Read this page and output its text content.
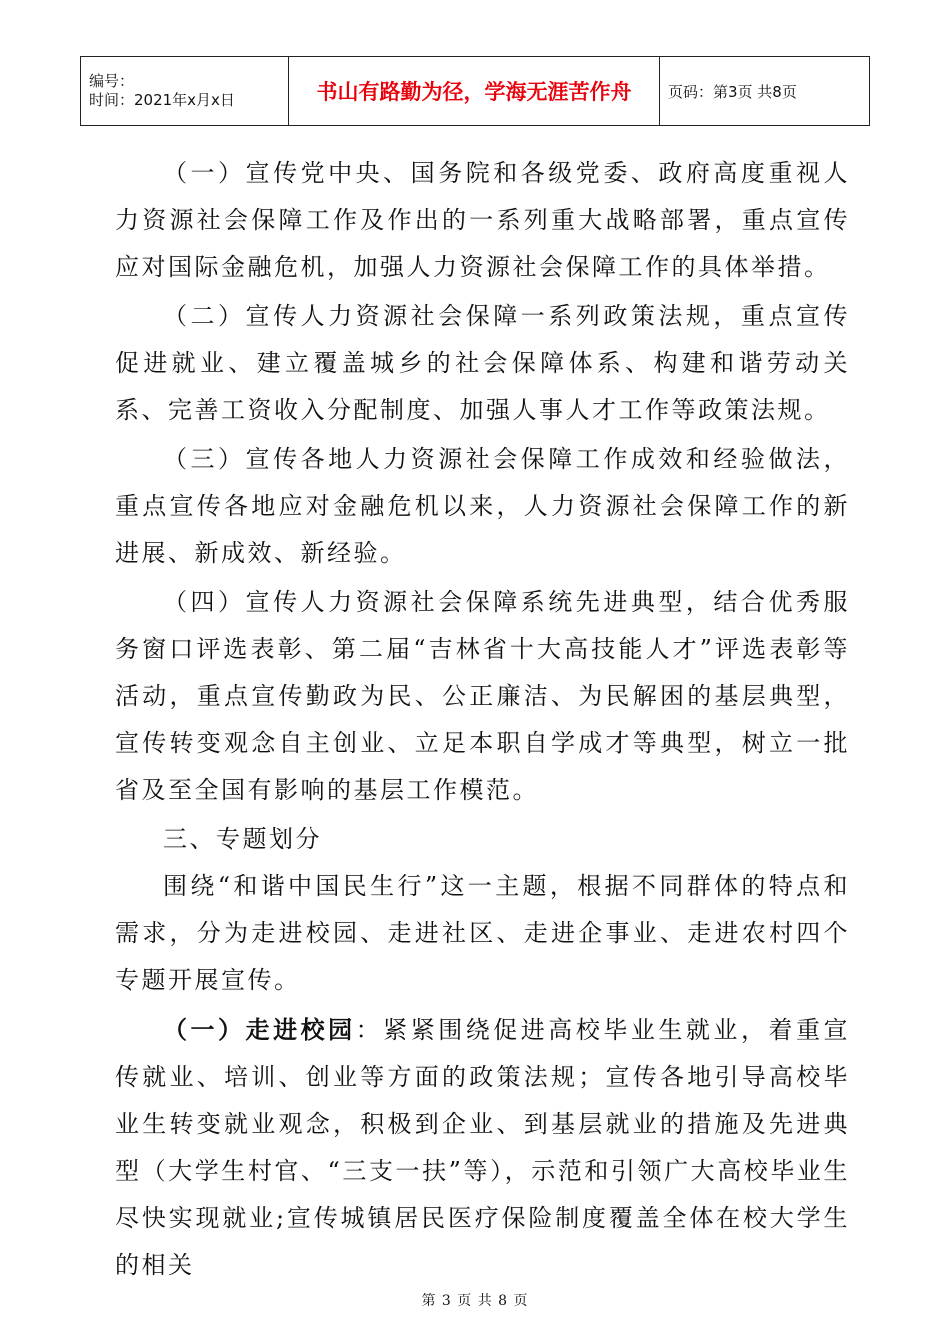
编号：
时间：2021年x月x日	书山有路勤为径，学海无涯苦作舟	页码：第3页 共8页

（一）宣传党中央、国务院和各级党委、政府高度重视人力资源社会保障工作及作出的一系列重大战略部署，重点宣传应对国际金融危机，加强人力资源社会保障工作的具体举措。

（二）宣传人力资源社会保障一系列政策法规，重点宣传促进就业、建立覆盖城乡的社会保障体系、构建和谐劳动关系、完善工资收入分配制度、加强人事人才工作等政策法规。

（三）宣传各地人力资源社会保障工作成效和经验做法，重点宣传各地应对金融危机以来，人力资源社会保障工作的新进展、新成效、新经验。

（四）宣传人力资源社会保障系统先进典型，结合优秀服务窗口评选表彰、第二届“吉林省十大高技能人才”评选表彰等活动，重点宣传勤政为民、公正廉洁、为民解困的基层典型，宣传转变观念自主创业、立足本职自学成才等典型，树立一批省及至全国有影响的基层工作模范。

三、专题划分

围绕“和谐中国民生行”这一主题，根据不同群体的特点和需求，分为走进校园、走进社区、走进企事业、走进农村四个专题开展宣传。

（一）走进校园：紧紧围绕促进高校毕业生就业，着重宣传就业、培训、创业等方面的政策法规；宣传各地引导高校毕业生转变就业观念，积极到企业、到基层就业的措施及先进典型（大学生村官、“三支一扶”等），示范和引领广大高校毕业生尽快实现就业;宣传城镇居民医疗保险制度覆盖全体在校大学生的相关

第 3 页 共 8 页
